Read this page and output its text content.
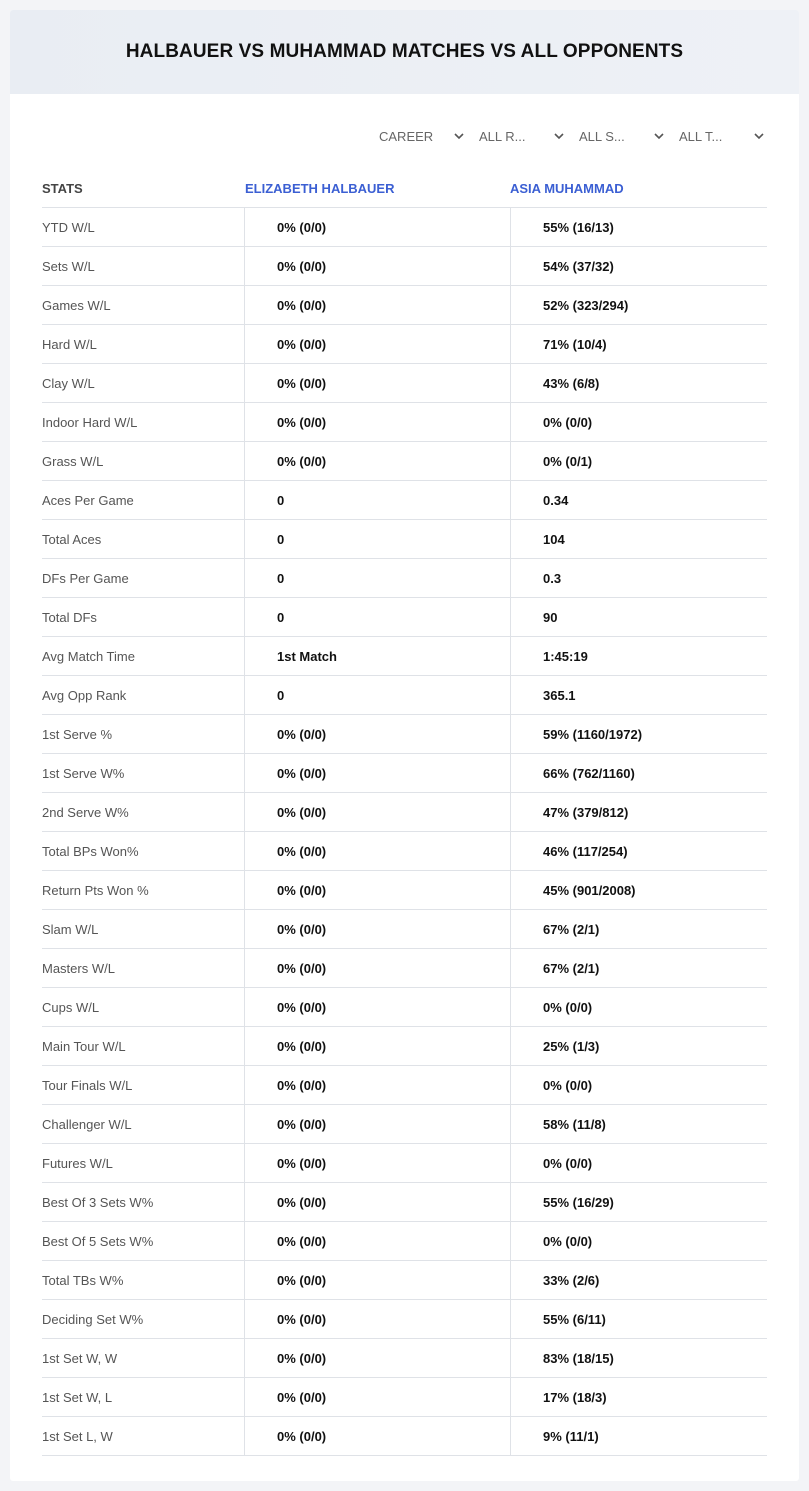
HALBAUER VS MUHAMMAD MATCHES VS ALL OPPONENTS
CAREER	ALL R...	ALL S...	ALL T...
STATS	ELIZABETH HALBAUER	ASIA MUHAMMAD
YTD W/L	0% (0/0)	55% (16/13)
Sets W/L	0% (0/0)	54% (37/32)
Games W/L	0% (0/0)	52% (323/294)
Hard W/L	0% (0/0)	71% (10/4)
Clay W/L	0% (0/0)	43% (6/8)
Indoor Hard W/L	0% (0/0)	0% (0/0)
Grass W/L	0% (0/0)	0% (0/1)
Aces Per Game	0	0.34
Total Aces	0	104
DFs Per Game	0	0.3
Total DFs	0	90
Avg Match Time	1st Match	1:45:19
Avg Opp Rank	0	365.1
1st Serve %	0% (0/0)	59% (1160/1972)
1st Serve W%	0% (0/0)	66% (762/1160)
2nd Serve W%	0% (0/0)	47% (379/812)
Total BPs Won%	0% (0/0)	46% (117/254)
Return Pts Won %	0% (0/0)	45% (901/2008)
Slam W/L	0% (0/0)	67% (2/1)
Masters W/L	0% (0/0)	67% (2/1)
Cups W/L	0% (0/0)	0% (0/0)
Main Tour W/L	0% (0/0)	25% (1/3)
Tour Finals W/L	0% (0/0)	0% (0/0)
Challenger W/L	0% (0/0)	58% (11/8)
Futures W/L	0% (0/0)	0% (0/0)
Best Of 3 Sets W%	0% (0/0)	55% (16/29)
Best Of 5 Sets W%	0% (0/0)	0% (0/0)
Total TBs W%	0% (0/0)	33% (2/6)
Deciding Set W%	0% (0/0)	55% (6/11)
1st Set W, W	0% (0/0)	83% (18/15)
1st Set W, L	0% (0/0)	17% (18/3)
1st Set L, W	0% (0/0)	9% (11/1)
